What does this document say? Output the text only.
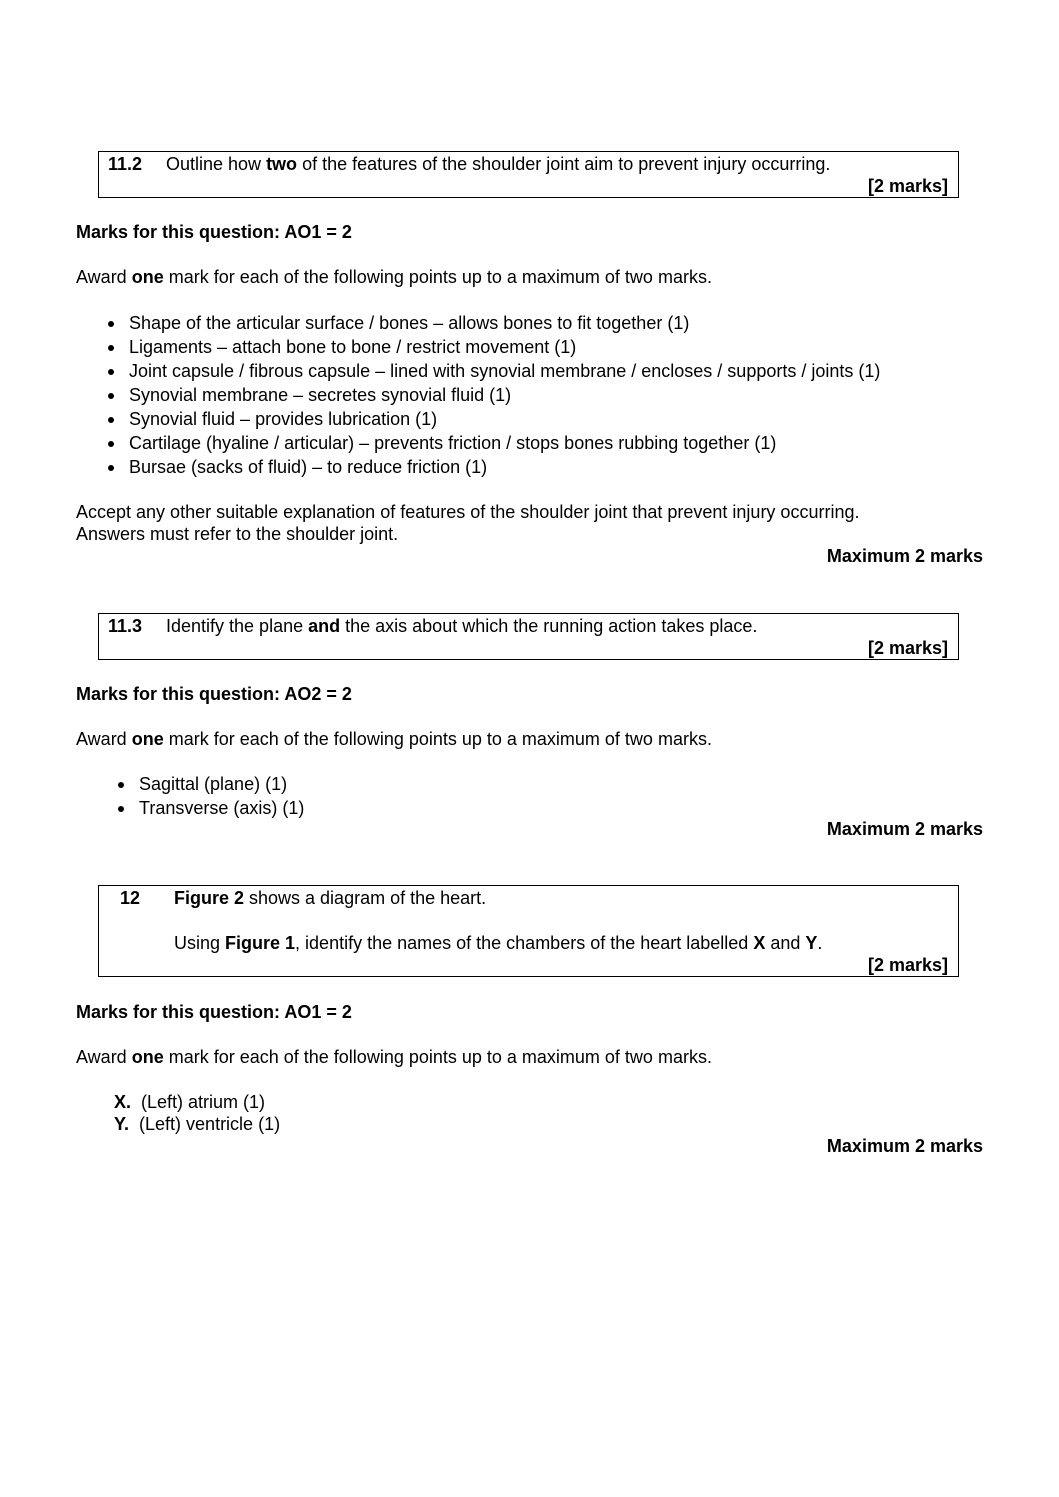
11.2 Outline how two of the features of the shoulder joint aim to prevent injury occurring.
[2 marks]
Marks for this question: AO1 = 2
Award one mark for each of the following points up to a maximum of two marks.
Shape of the articular surface / bones – allows bones to fit together (1)
Ligaments – attach bone to bone / restrict movement (1)
Joint capsule / fibrous capsule – lined with synovial membrane / encloses / supports / joints (1)
Synovial membrane – secretes synovial fluid (1)
Synovial fluid – provides lubrication (1)
Cartilage (hyaline / articular) – prevents friction / stops bones rubbing together (1)
Bursae (sacks of fluid) – to reduce friction (1)
Accept any other suitable explanation of features of the shoulder joint that prevent injury occurring.
Answers must refer to the shoulder joint.
Maximum 2 marks
11.3 Identify the plane and the axis about which the running action takes place.
[2 marks]
Marks for this question: AO2 = 2
Award one mark for each of the following points up to a maximum of two marks.
Sagittal (plane) (1)
Transverse (axis) (1)
Maximum 2 marks
12 Figure 2 shows a diagram of the heart.
Using Figure 1, identify the names of the chambers of the heart labelled X and Y.
[2 marks]
Marks for this question: AO1 = 2
Award one mark for each of the following points up to a maximum of two marks.
X. (Left) atrium (1)
Y. (Left) ventricle (1)
Maximum 2 marks
